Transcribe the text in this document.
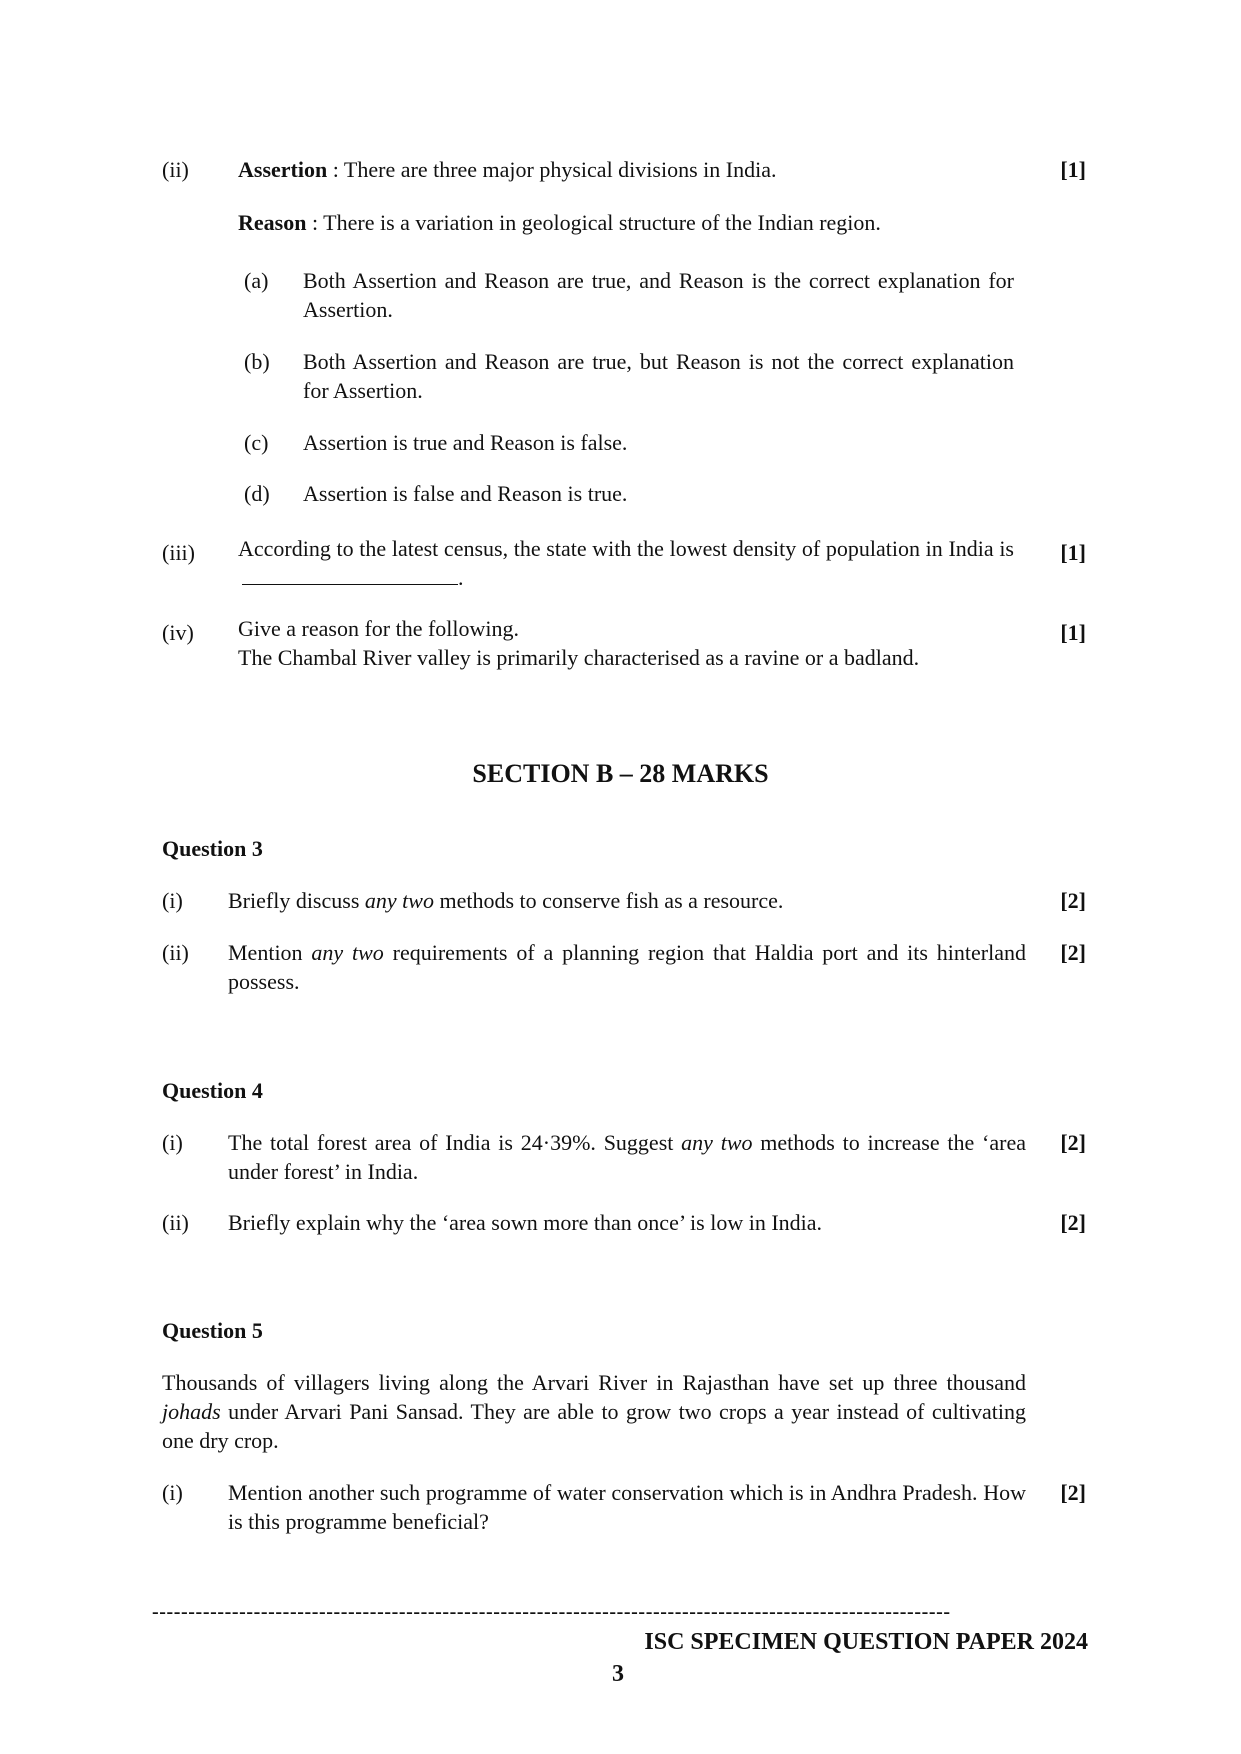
(ii) Assertion : There are three major physical divisions in India.	[1]
Reason : There is a variation in geological structure of the Indian region.
(a) Both Assertion and Reason are true, and Reason is the correct explanation for Assertion.
(b) Both Assertion and Reason are true, but Reason is not the correct explanation for Assertion.
(c) Assertion is true and Reason is false.
(d) Assertion is false and Reason is true.
(iii) According to the latest census, the state with the lowest density of population in India is.
[1]
(iv) Give a reason for the following.
The Chambal River valley is primarily characterised as a ravine or a badland.
[1]
SECTION B – 28 MARKS
Question 3
(i) Briefly discuss any two methods to conserve fish as a resource.	[2]
(ii) Mention any two requirements of a planning region that Haldia port and its hinterland possess.
[2]
Question 4
(i) The total forest area of India is 24·39%. Suggest any two methods to increase the ‘area under forest’ in India.
[2]
(ii) Briefly explain why the ‘area sown more than once’ is low in India.	[2]
Question 5
Thousands of villagers living along the Arvari River in Rajasthan have set up three thousand johads under Arvari Pani Sansad. They are able to grow two crops a year instead of cultivating one dry crop.
(i) Mention another such programme of water conservation which is in Andhra Pradesh. How is this programme beneficial?
[2]
--------------------------------------------------------------------------------------------------------------
ISC SPECIMEN QUESTION PAPER 2024
3
